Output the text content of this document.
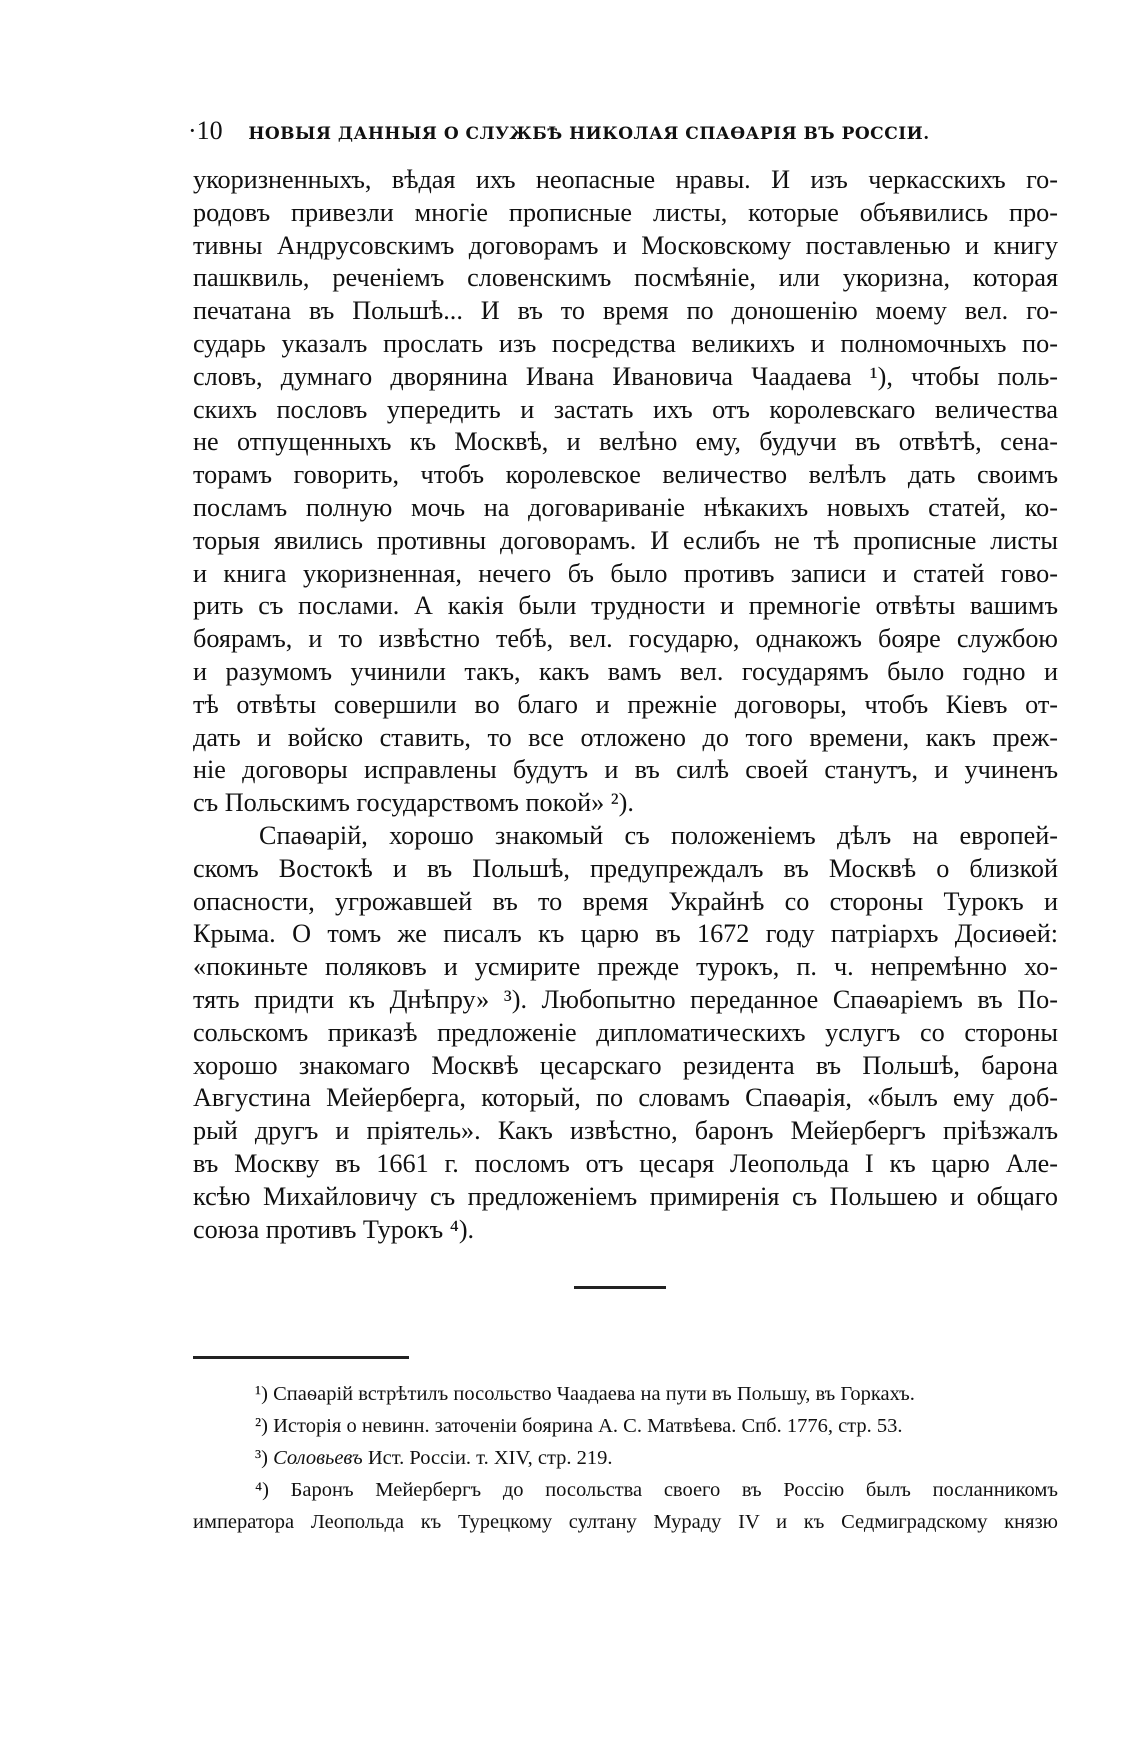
·10	НОВЫЯ ДАННЫЯ О СЛУЖБѢ НИКОЛАЯ СПАѲАРІЯ ВЪ РОССІИ.

укоризненныхъ, вѣдая ихъ неопасные нравы. И изъ черкасскихъ го-
родовъ привезли многіе прописные листы, которые объявились про-
тивны Андрусовскимъ договорамъ и Московскому поставленью и книгу
пашквиль, реченіемъ словенскимъ посмѣяніе, или укоризна, которая
печатана въ Польшѣ... И въ то время по доношенію моему вел. го-
сударь указалъ прослать изъ посредства великихъ и полномочныхъ по-
словъ, думнаго дворянина Ивана Ивановича Чаадаева ¹), чтобы поль-
скихъ пословъ упередить и застать ихъ отъ королевскаго величества
не отпущенныхъ къ Москвѣ, и велѣно ему, будучи въ отвѣтѣ, сена-
торамъ говорить, чтобъ королевское величество велѣлъ дать своимъ
посламъ полную мочь на договариваніе нѣкакихъ новыхъ статей, ко-
торыя явились противны договорамъ. И еслибъ не тѣ прописные листы
и книга укоризненная, нечего бъ было противъ записи и статей гово-
рить съ послами. А какія были трудности и премногіе отвѣты вашимъ
боярамъ, и то извѣстно тебѣ, вел. государю, однакожъ бояре службою
и разумомъ учинили такъ, какъ вамъ вел. государямъ было годно и
тѣ отвѣты совершили во благо и прежніе договоры, чтобъ Кіевъ от-
дать и войско ставить, то все отложено до того времени, какъ преж-
ніе договоры исправлены будутъ и въ силѣ своей станутъ, и учиненъ
съ Польскимъ государствомъ покой» ²).

Спаѳарій, хорошо знакомый съ положеніемъ дѣлъ на европей-
скомъ Востокѣ и въ Польшѣ, предупреждалъ въ Москвѣ о близкой
опасности, угрожавшей въ то время Украйнѣ со стороны Турокъ и
Крыма. О томъ же писалъ къ царю въ 1672 году патріархъ Досиѳей:
«покиньте поляковъ и усмирите прежде турокъ, п. ч. непремѣнно хо-
тять придти къ Днѣпру» ³). Любопытно переданное Спаѳаріемъ въ По-
сольскомъ приказѣ предложеніе дипломатическихъ услугъ со стороны
хорошо знакомаго Москвѣ цесарскаго резидента въ Польшѣ, барона
Августина Мейерберга, который, по словамъ Спаѳарія, «былъ ему доб-
рый другъ и пріятель». Какъ извѣстно, баронъ Мейербергъ пріѣзжалъ
въ Москву въ 1661 г. посломъ отъ цесаря Леопольда I къ царю Але-
ксѣю Михайловичу съ предложеніемъ примиренія съ Польшею и общаго
союза противъ Турокъ ⁴).

¹) Спаѳарій встрѣтилъ посольство Чаадаева на пути въ Польшу, въ Горкахъ.
²) Исторія о невинн. заточеніи боярина А. С. Матвѣева. Спб. 1776, стр. 53.
³) Соловьевъ Ист. Россіи. т. XIV, стр. 219.
⁴) Баронъ Мейербергъ до посольства своего въ Россію былъ посланникомъ
императора Леопольда къ Турецкому султану Мураду IV и къ Седмиградскому князю
